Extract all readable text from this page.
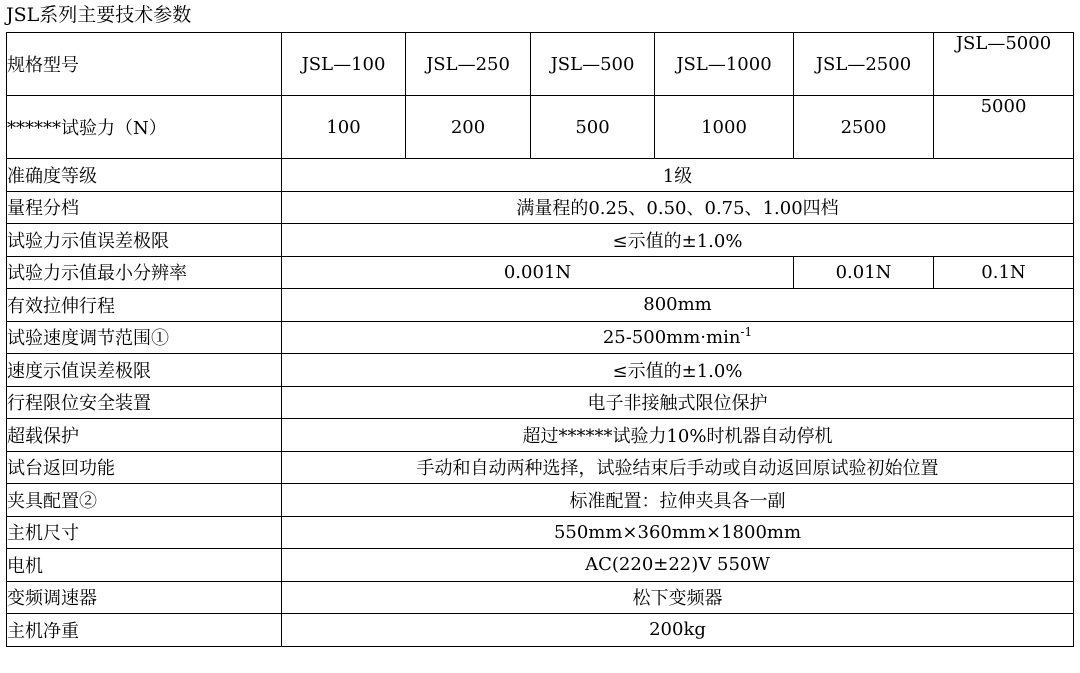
JSL系列主要技术参数
规格型号	JSL—100	JSL—250	JSL—500	JSL—1000	JSL—2500	JSL—5000
******试验力（N）	100	200	500	1000	2500	5000
准确度等级	1级					
量程分档	满量程的0.25、0.50、0.75、1.00四档					
试验力示值误差极限	≤示值的±1.0%					
试验力示值最小分辨率	0.001N				0.01N	0.1N
有效拉伸行程	800mm					
试验速度调节范围①	$25-500mm\cdot\min^{-1}$
速度示值误差极限	≤示值的±1.0%					
行程限位安全装置	电子非接触式限位保护					
超载保护	超过******试验力10%时机器自动停机					
试台返回功能	手动和自动两种选择，试验结束后手动或自动返回原试验初始位置					
夹具配置②	标准配置：拉伸夹具各一副					
主机尺寸	550mm×360mm×1800mm					
电机	AC(220±22)V 550W					
变频调速器	松下变频器					
主机净重	200kg					
